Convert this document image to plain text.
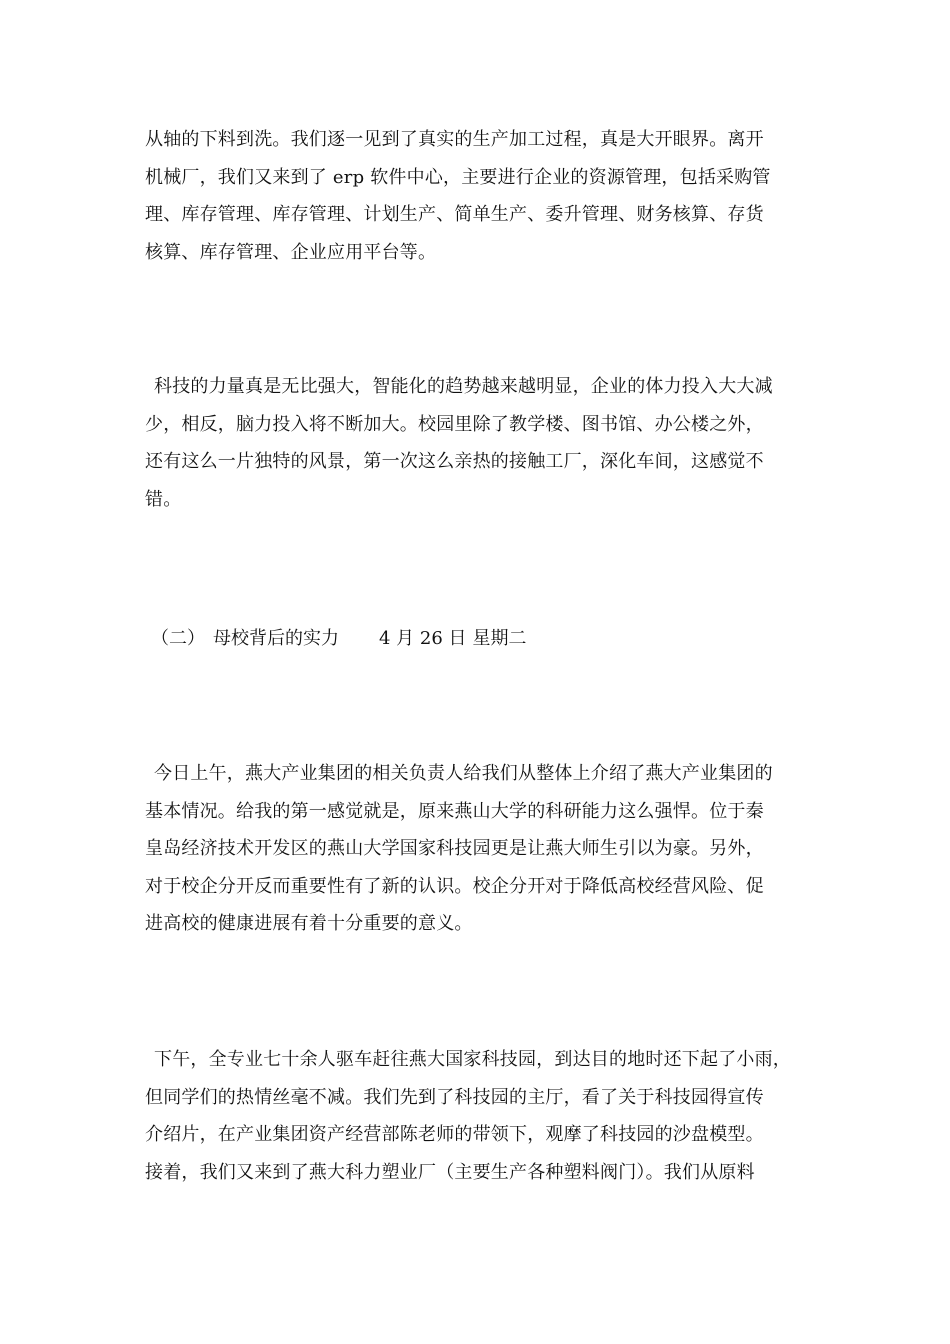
从轴的下料到洗。我们逐一见到了真实的生产加工过程，真是大开眼界。离开
机械厂，我们又来到了 erp 软件中心，主要进行企业的资源管理，包括采购管
理、库存管理、库存管理、计划生产、简单生产、委升管理、财务核算、存货
核算、库存管理、企业应用平台等。

科技的力量真是无比强大，智能化的趋势越来越明显，企业的体力投入大大减
少，相反，脑力投入将不断加大。校园里除了教学楼、图书馆、办公楼之外，
还有这么一片独特的风景，第一次这么亲热的接触工厂，深化车间，这感觉不
错。

（二） 母校背后的实力 4 月 26 日 星期二

今日上午，燕大产业集团的相关负责人给我们从整体上介绍了燕大产业集团的
基本情况。给我的第一感觉就是，原来燕山大学的科研能力这么强悍。位于秦
皇岛经济技术开发区的燕山大学国家科技园更是让燕大师生引以为豪。另外，
对于校企分开反而重要性有了新的认识。校企分开对于降低高校经营风险、促
进高校的健康进展有着十分重要的意义。

下午，全专业七十余人驱车赶往燕大国家科技园，到达目的地时还下起了小雨，
但同学们的热情丝毫不减。我们先到了科技园的主厅，看了关于科技园得宣传
介绍片，在产业集团资产经营部陈老师的带领下，观摩了科技园的沙盘模型。
接着，我们又来到了燕大科力塑业厂（主要生产各种塑料阀门）。我们从原料
